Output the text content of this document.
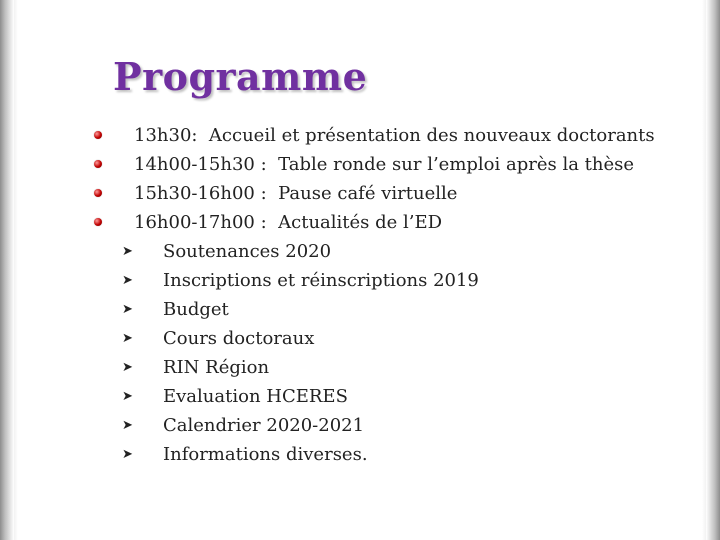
Programme
13h30: Accueil et présentation des nouveaux doctorants
14h00-15h30 : Table ronde sur l’emploi après la thèse
15h30-16h00 : Pause café virtuelle
16h00-17h00 : Actualités de l’ED
➤ Soutenances 2020
➤ Inscriptions et réinscriptions 2019
➤ Budget
➤ Cours doctoraux
➤ RIN Région
➤ Evaluation HCERES
➤ Calendrier 2020-2021
➤ Informations diverses.
